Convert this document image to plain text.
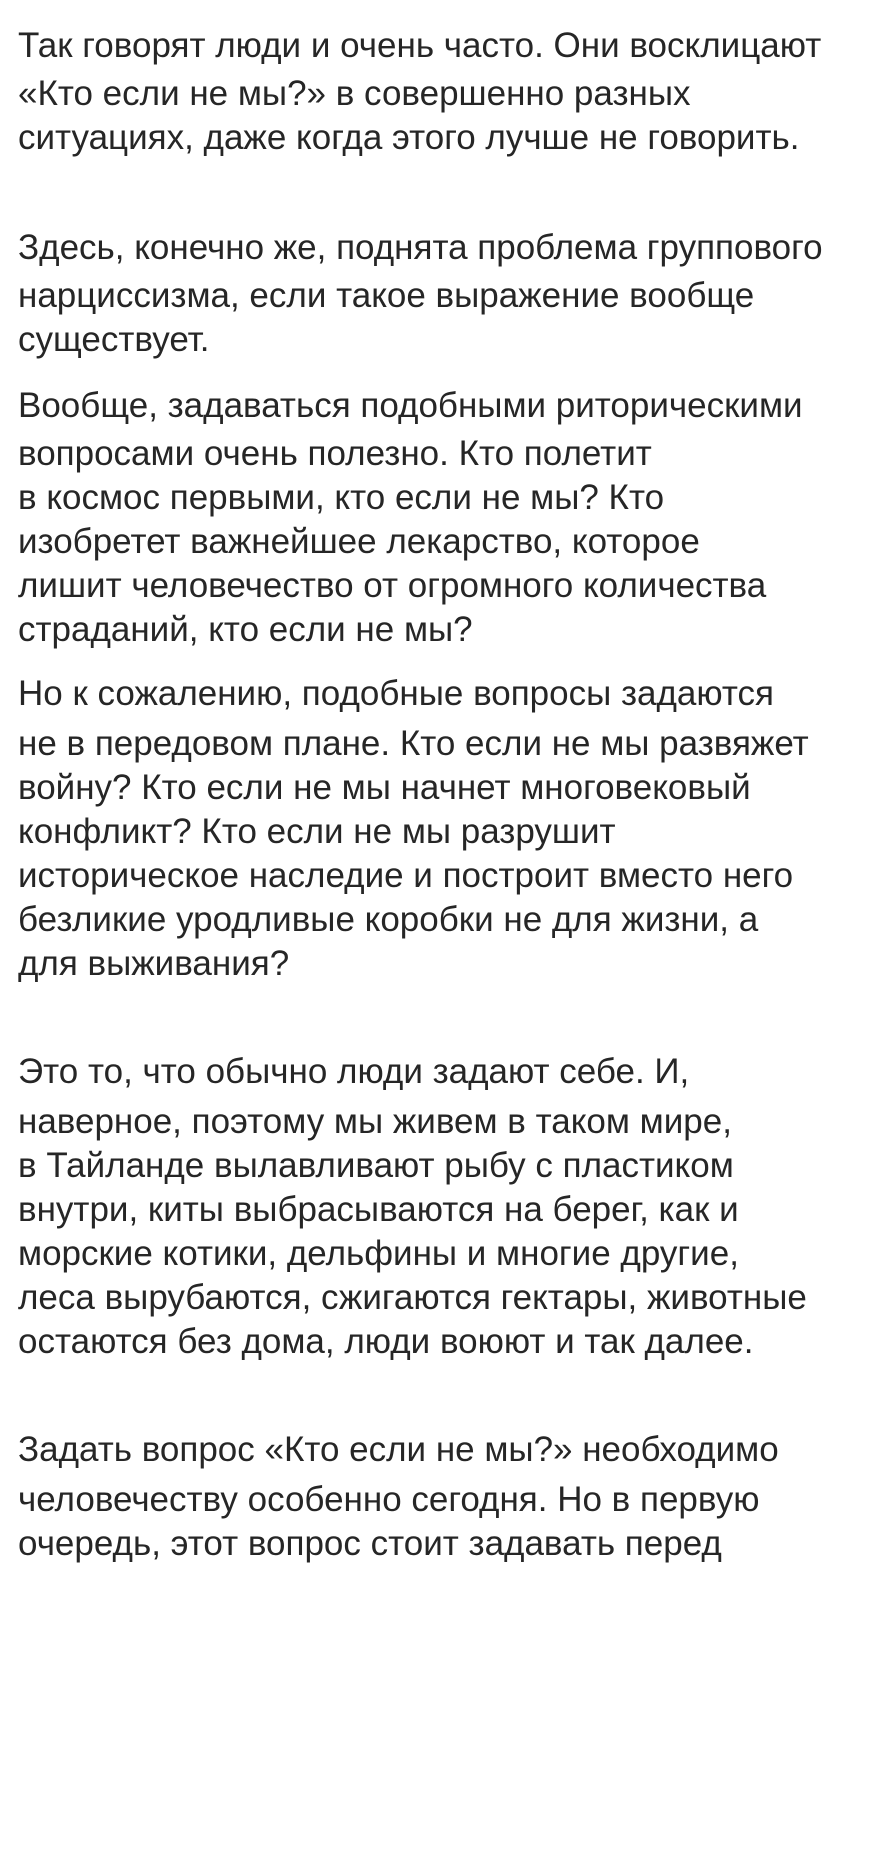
Так говорят люди и очень часто. Они восклицают
«Кто если не мы?» в совершенно разных
ситуациях, даже когда этого лучше не говорить.
Здесь, конечно же, поднята проблема группового
нарциссизма, если такое выражение вообще
существует.
Вообще, задаваться подобными риторическими
вопросами очень полезно. Кто полетит
в космос первыми, кто если не мы? Кто
изобретет важнейшее лекарство, которое
лишит человечество от огромного количества
страданий, кто если не мы?
Но к сожалению, подобные вопросы задаются
не в передовом плане. Кто если не мы развяжет
войну? Кто если не мы начнет многовековый
конфликт? Кто если не мы разрушит
историческое наследие и построит вместо него
безликие уродливые коробки не для жизни, а
для выживания?
Это то, что обычно люди задают себе. И,
наверное, поэтому мы живем в таком мире,
в Тайланде вылавливают рыбу с пластиком
внутри, киты выбрасываются на берег, как и
морские котики, дельфины и многие другие,
леса вырубаются, сжигаются гектары, животные
остаются без дома, люди воюют и так далее.
Задать вопрос «Кто если не мы?» необходимо
человечеству особенно сегодня. Но в первую
очередь, этот вопрос стоит задавать перед
